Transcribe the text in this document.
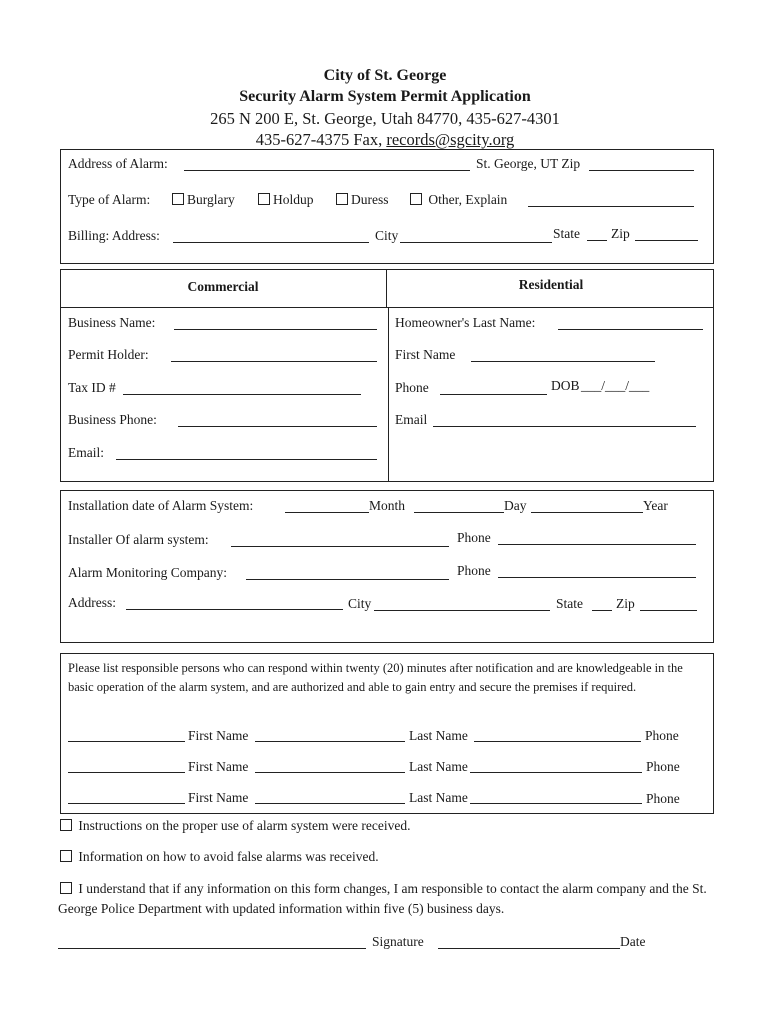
City of St. George
Security Alarm System Permit Application
265 N 200 E, St. George, Utah 84770, 435-627-4301
435-627-4375 Fax, records@sgcity.org
Address of Alarm:	St. George, UT Zip
Type of Alarm:	Burglary	Holdup	Duress	Other, Explain
Billing: Address:	City	State Zip
Commercial	Residential
Business Name:
Permit Holder:
Tax ID #
Business Phone:
Email:
Homeowner's Last Name:
First Name
Phone	DOB ___/___/___
Email
Installation date of Alarm System:	Month	Day	Year
Installer Of alarm system:	Phone
Alarm Monitoring Company:	Phone
Address:	City	State Zip
Please list responsible persons who can respond within twenty (20) minutes after notification and are knowledgeable in the basic operation of the alarm system, and are authorized and able to gain entry and secure the premises if required.
First Name	Last Name	Phone
First Name	Last Name	Phone
First Name	Last Name	Phone
Instructions on the proper use of alarm system were received.
Information on how to avoid false alarms was received.
I understand that if any information on this form changes, I am responsible to contact the alarm company and the St. George Police Department with updated information within five (5) business days.
Signature	Date
